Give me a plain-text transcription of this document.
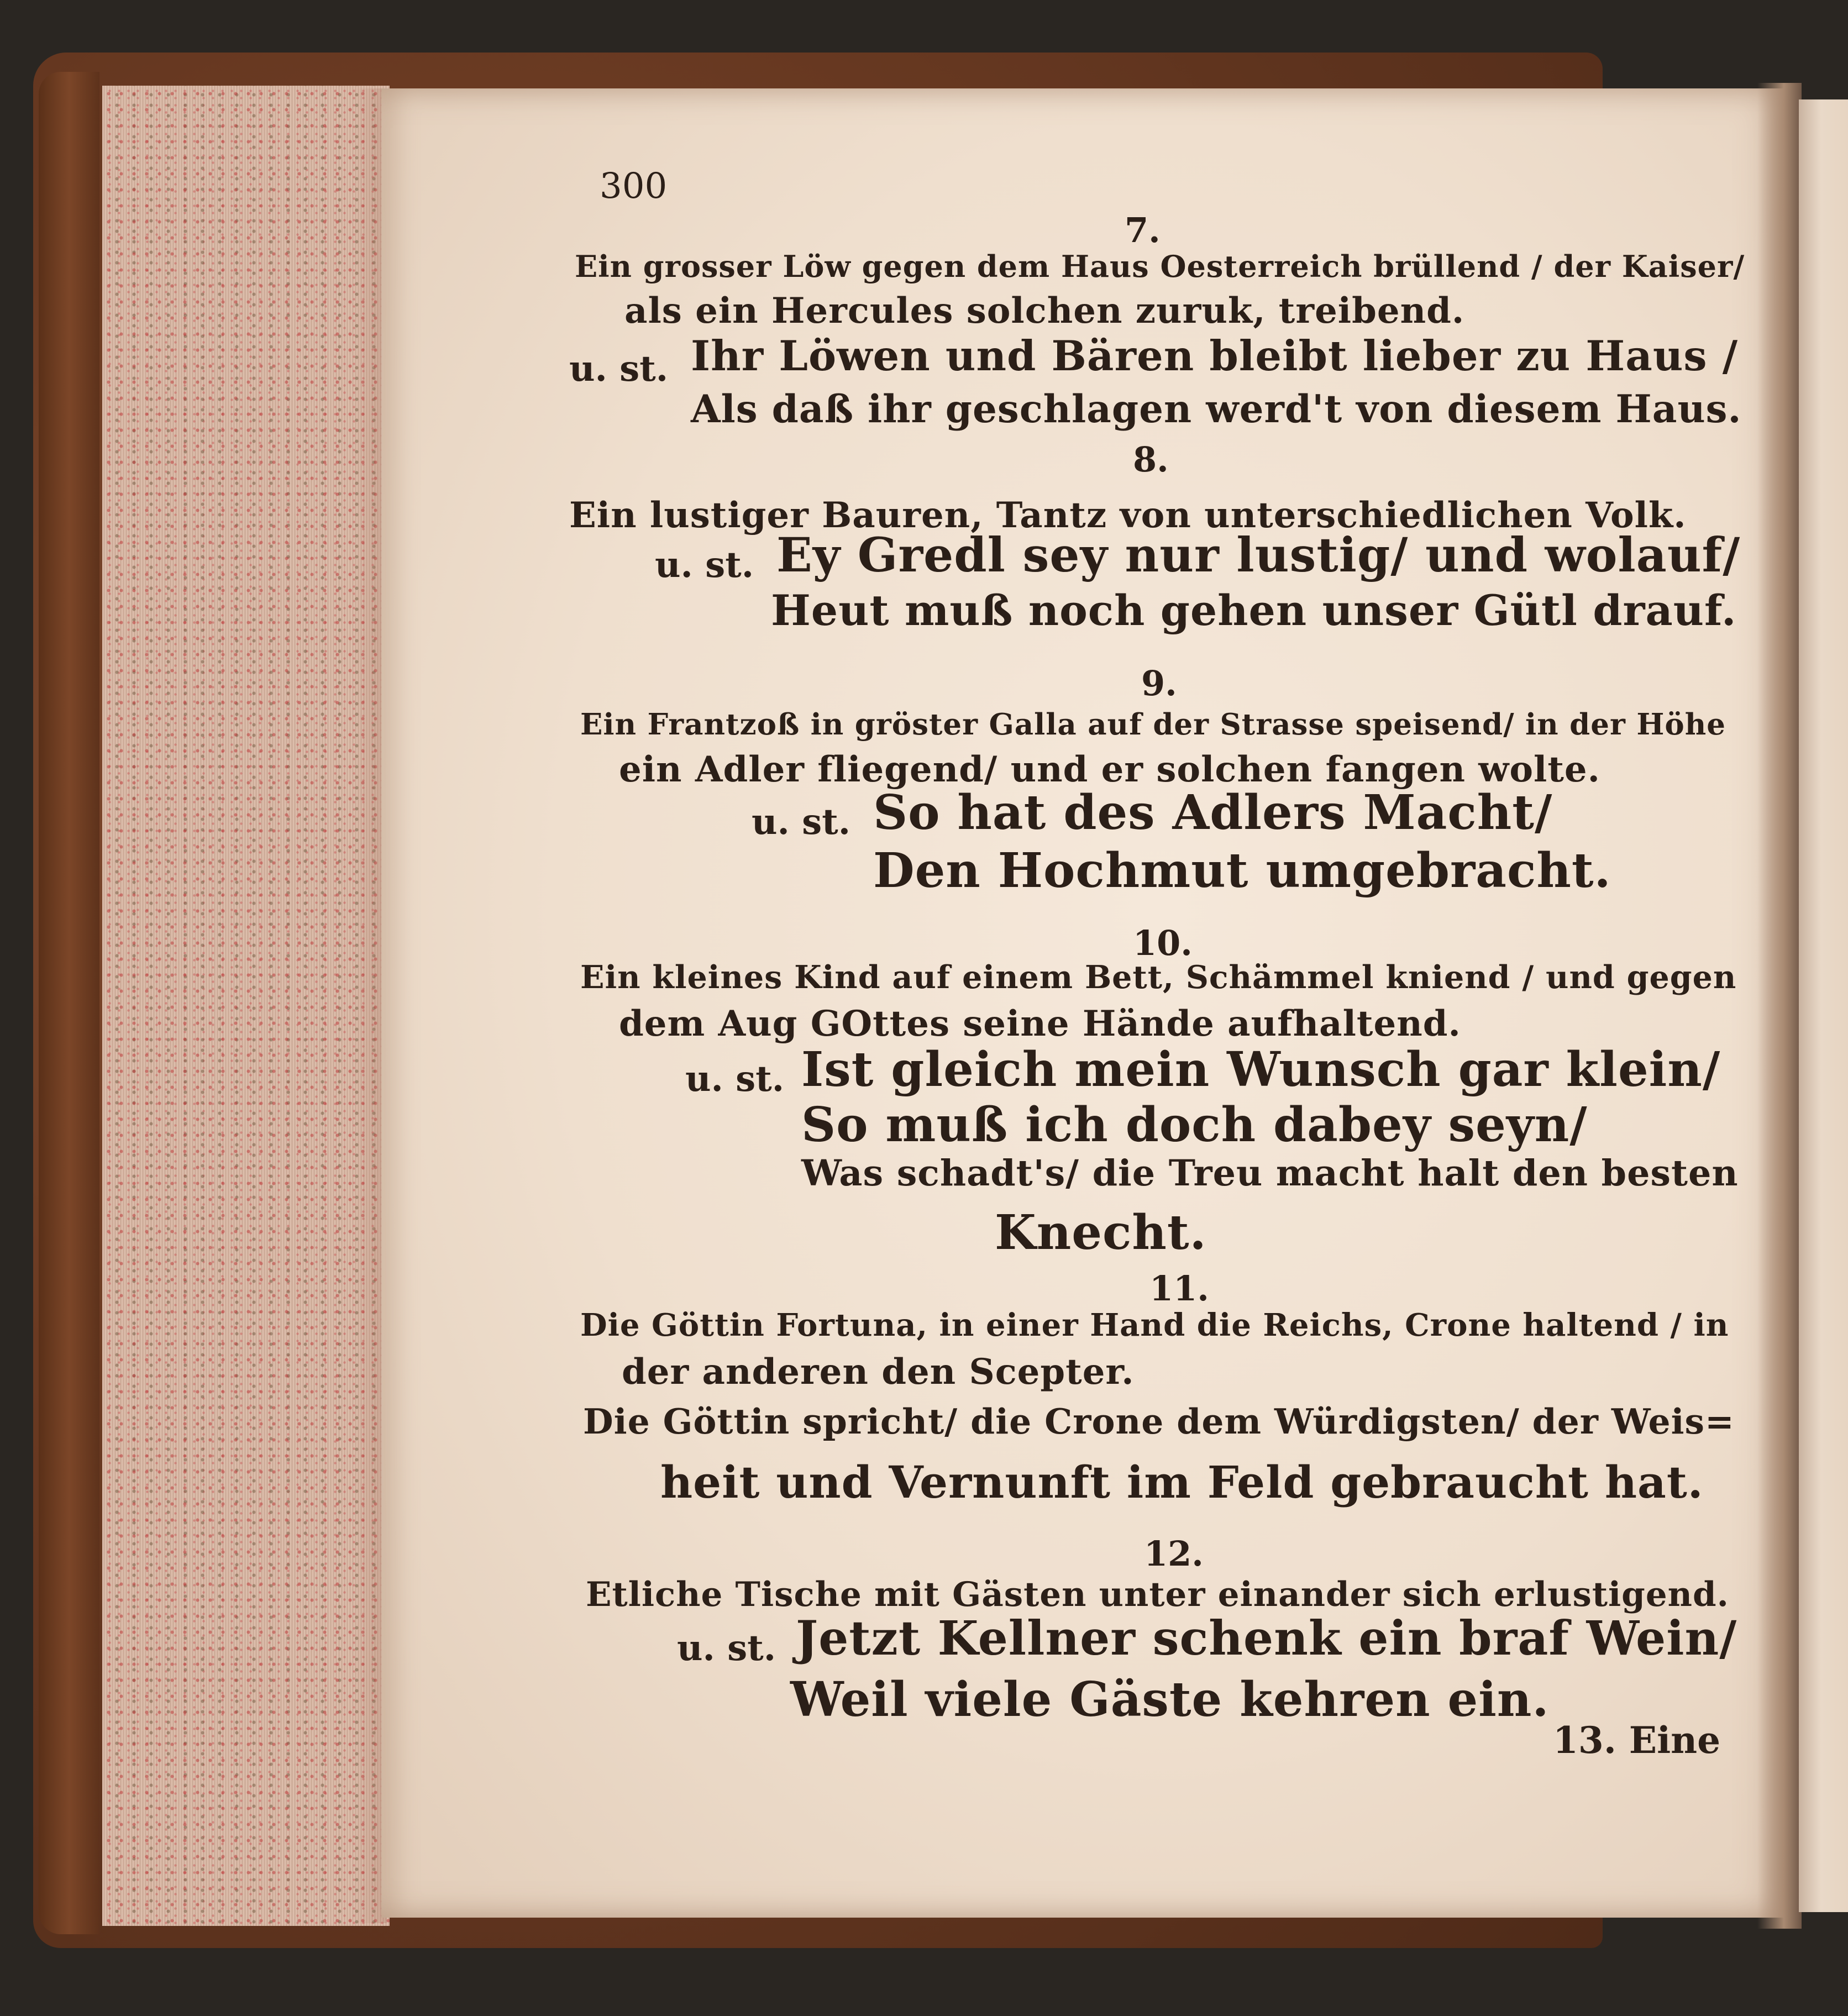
300
7.
Ein grosser Löw gegen dem Haus Oesterreich brüllend / der Kaiser/
als ein Hercules solchen zuruk, treibend.
u. st. Ihr Löwen und Bären bleibt lieber zu Haus /
Als daß ihr geschlagen werd't von diesem Haus.
8.
Ein lustiger Bauren, Tantz von unterschiedlichen Volk.
u. st. Ey Gredl sey nur lustig/ und wolauf/
Heut muß noch gehen unser Gütl drauf.
9.
Ein Frantzoß in gröster Galla auf der Strasse speisend/ in der Höhe
ein Adler fliegend/ und er solchen fangen wolte.
u. st. So hat des Adlers Macht/
Den Hochmut umgebracht.
10.
Ein kleines Kind auf einem Bett, Schämmel kniend / und gegen
dem Aug GOttes seine Hände aufhaltend.
u. st. Ist gleich mein Wunsch gar klein/
So muß ich doch dabey seyn/
Was schadt's/ die Treu macht halt den besten
Knecht.
11.
Die Göttin Fortuna, in einer Hand die Reichs, Crone haltend / in
der anderen den Scepter.
Die Göttin spricht/ die Crone dem Würdigsten/ der Weis=
heit und Vernunft im Feld gebraucht hat.
12.
Etliche Tische mit Gästen unter einander sich erlustigend.
u. st. Jetzt Kellner schenk ein braf Wein/
Weil viele Gäste kehren ein.
13. Eine
